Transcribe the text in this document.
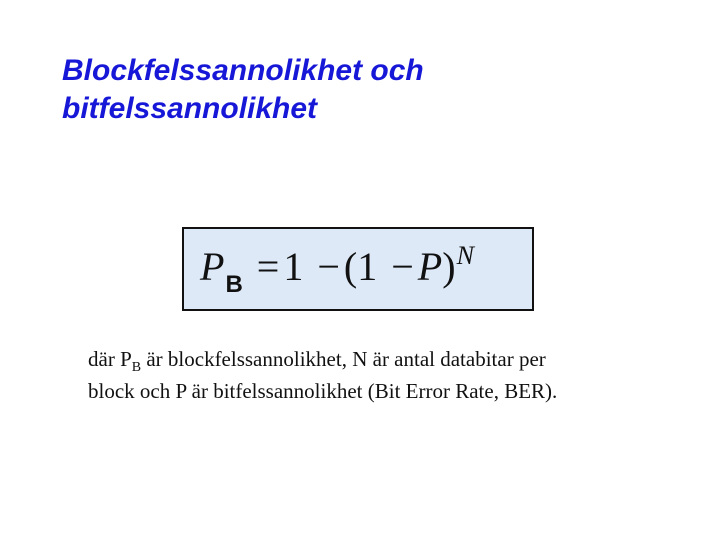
Blockfelssannolikhet och
bitfelssannolikhet
$P_B = 1 - (1 - P)^N$

där $P_B$ är blockfelssannolikhet, N är antal databitar per
block och P är bitfelssannolikhet (Bit Error Rate, BER).
